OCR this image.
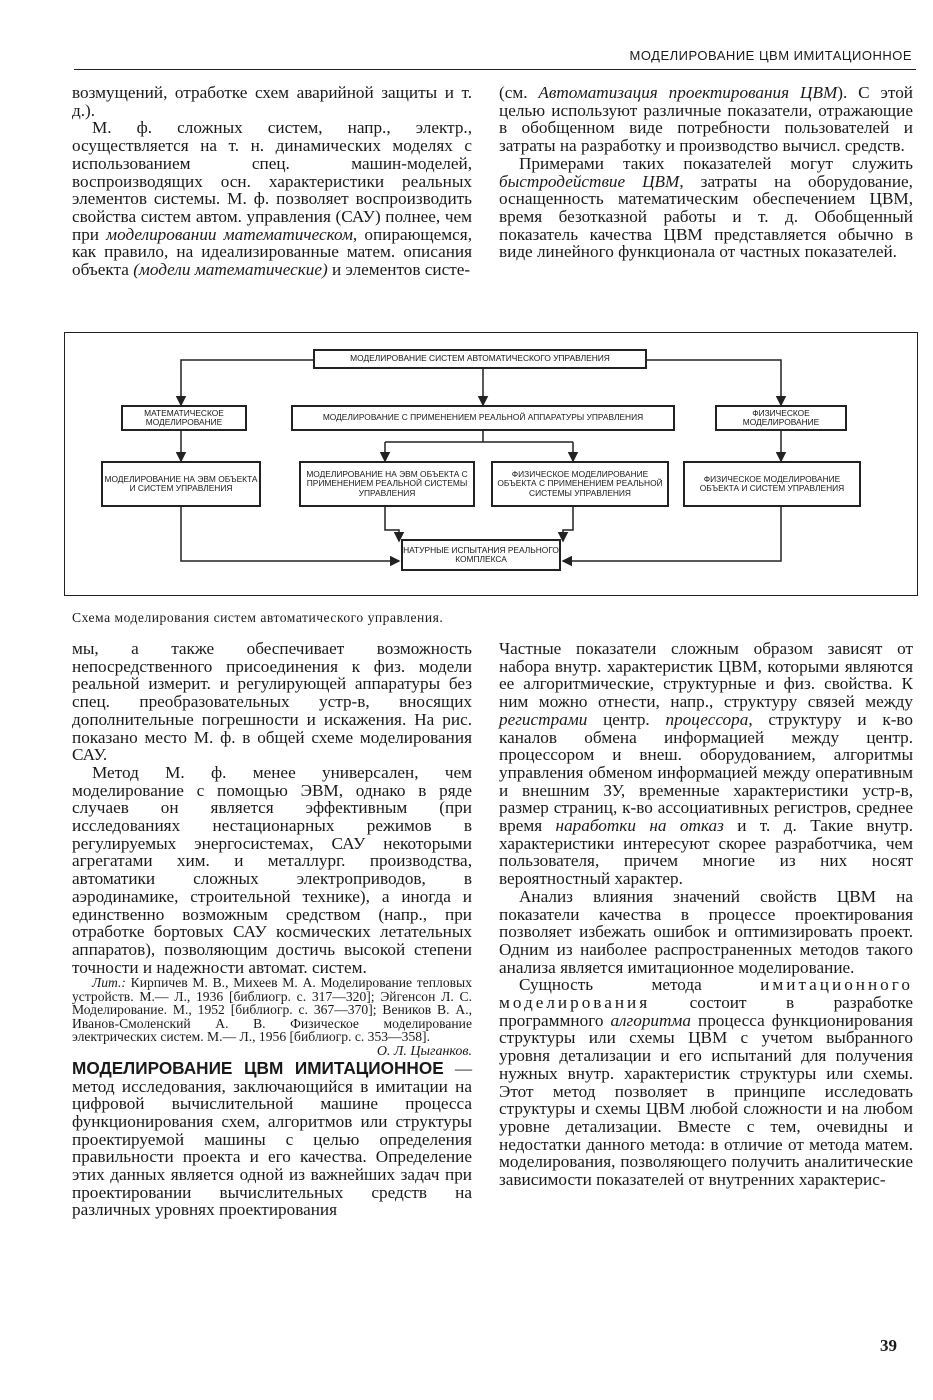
МОДЕЛИРОВАНИЕ ЦВМ ИМИТАЦИОННОЕ

возмущений, отработке схем аварийной защиты и т. д.).

М. ф. сложных систем, напр., электр., осуществляется на т. н. динамических моделях с использованием спец. машин-моделей, воспроизводящих осн. характеристики реальных элементов системы. М. ф. позволяет воспроизводить свойства систем автом. управления (САУ) полнее, чем при моделировании математическом, опирающемся, как правило, на идеализированные матем. описания объекта (модели математические) и элементов систе-

(см. Автоматизация проектирования ЦВМ). С этой целью используют различные показатели, отражающие в обобщенном виде потребности пользователей и затраты на разработку и производство вычисл. средств.

Примерами таких показателей могут служить быстродействие ЦВМ, затраты на оборудование, оснащенность математическим обеспечением ЦВМ, время безотказной работы и т. д. Обобщенный показатель качества ЦВМ представляется обычно в виде линейного функционала от частных показателей.

МОДЕЛИРОВАНИЕ СИСТЕМ АВТОМАТИЧЕСКОГО УПРАВЛЕНИЯ
МАТЕМАТИЧЕСКОЕ МОДЕЛИРОВАНИЕ	МОДЕЛИРОВАНИЕ С ПРИМЕНЕНИЕМ РЕАЛЬНОЙ АППАРАТУРЫ УПРАВЛЕНИЯ	ФИЗИЧЕСКОЕ МОДЕЛИРОВАНИЕ
МОДЕЛИРОВАНИЕ НА ЭВМ ОБЪЕКТА И СИСТЕМ УПРАВЛЕНИЯ
МОДЕЛИРОВАНИЕ НА ЭВМ ОБЪЕКТА С ПРИМЕНЕНИЕМ РЕАЛЬНОЙ СИСТЕМЫ УПРАВЛЕНИЯ
ФИЗИЧЕСКОЕ МОДЕЛИРОВАНИЕ ОБЪЕКТА С ПРИМЕНЕНИЕМ РЕАЛЬНОЙ СИСТЕМЫ УПРАВЛЕНИЯ
ФИЗИЧЕСКОЕ МОДЕЛИРОВАНИЕ ОБЪЕКТА И СИСТЕМ УПРАВЛЕНИЯ
НАТУРНЫЕ ИСПЫТАНИЯ РЕАЛЬНОГО КОМПЛЕКСА
Схема моделирования систем автоматического управления.

мы, а также обеспечивает возможность непосредственного присоединения к физ. модели реальной измерит. и регулирующей аппаратуры без спец. преобразовательных устр-в, вносящих дополнительные погрешности и искажения. На рис. показано место М. ф. в общей схеме моделирования САУ.

Метод М. ф. менее универсален, чем моделирование с помощью ЭВМ, однако в ряде случаев он является эффективным (при исследованиях нестационарных режимов в регулируемых энергосистемах, САУ некоторыми агрегатами хим. и металлург. производства, автоматики сложных электроприводов, в аэродинамике, строительной технике), а иногда и единственно возможным средством (напр., при отработке бортовых САУ космических летательных аппаратов), позволяющим достичь высокой степени точности и надежности автомат. систем.

Лит.: Кирпичев М. В., Михеев М. А. Моделирование тепловых устройств. М.— Л., 1936 [библиогр. с. 317—320]; Эйгенсон Л. С. Моделирование. М., 1952 [библиогр. с. 367—370]; Веников В. А., Иванов-Смоленский А. В. Физическое моделирование электрических систем. М.— Л., 1956 [библиогр. с. 353—358].

О. Л. Цыганков.

МОДЕЛИРОВАНИЕ ЦВМ ИМИТАЦИОННОЕ — метод исследования, заключающийся в имитации на цифровой вычислительной машине процесса функционирования схем, алгоритмов или структуры проектируемой машины с целью определения правильности проекта и его качества. Определение этих данных является одной из важнейших задач при проектировании вычислительных средств на различных уровнях проектирования

Частные показатели сложным образом зависят от набора внутр. характеристик ЦВМ, которыми являются ее алгоритмические, структурные и физ. свойства. К ним можно отнести, напр., структуру связей между регистрами центр. процессора, структуру и к-во каналов обмена информацией между центр. процессором и внеш. оборудованием, алгоритмы управления обменом информацией между оперативным и внешним ЗУ, временные характеристики устр-в, размер страниц, к-во ассоциативных регистров, среднее время наработки на отказ и т. д. Такие внутр. характеристики интересуют скорее разработчика, чем пользователя, причем многие из них носят вероятностный характер.

Анализ влияния значений свойств ЦВМ на показатели качества в процессе проектирования позволяет избежать ошибок и оптимизировать проект. Одним из наиболее распространенных методов такого анализа является имитационное моделирование.

Сущность метода имитационного моделирования состоит в разработке программного алгоритма процесса функционирования структуры или схемы ЦВМ с учетом выбранного уровня детализации и его испытаний для получения нужных внутр. характеристик структуры или схемы. Этот метод позволяет в принципе исследовать структуры и схемы ЦВМ любой сложности и на любом уровне детализации. Вместе с тем, очевидны и недостатки данного метода: в отличие от метода матем. моделирования, позволяющего получить аналитические зависимости показателей от внутренних характерис-

39
